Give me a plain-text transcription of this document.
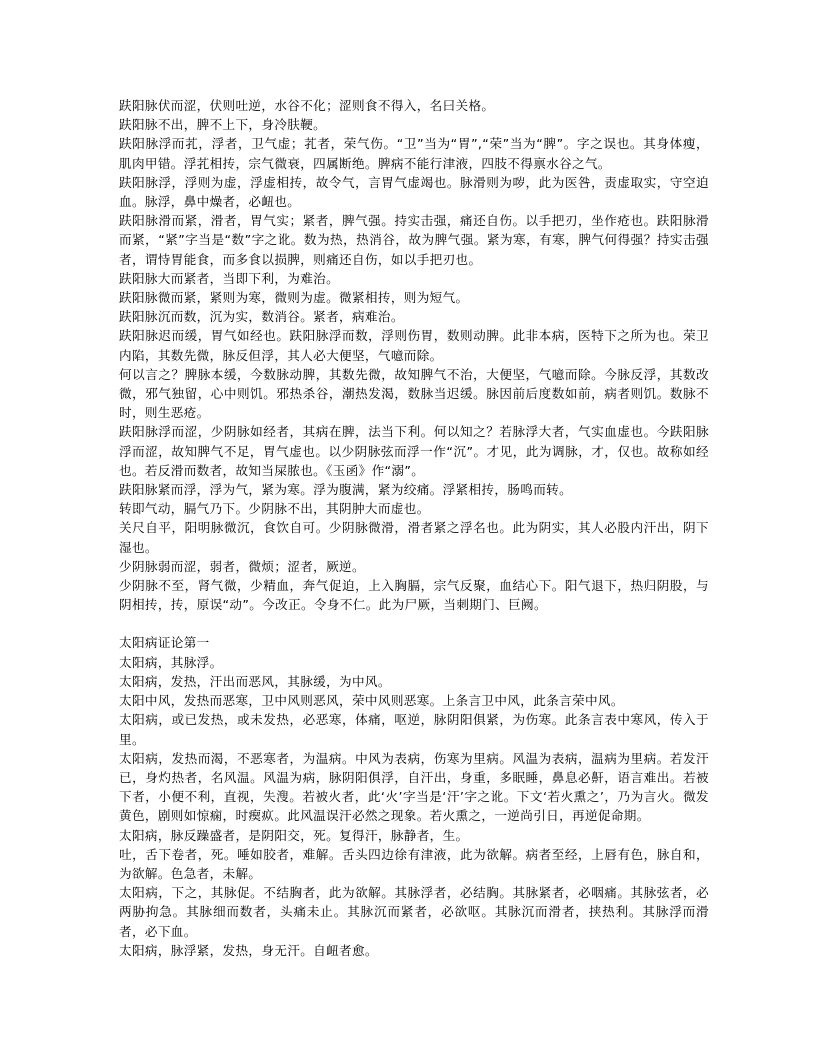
趺阳脉伏而涩，伏则吐逆，水谷不化；涩则食不得入，名曰关格。

趺阳脉不出，脾不上下，身冷肤鞕。

趺阳脉浮而芤，浮者，卫气虚；芤者，荣气伤。“卫”当为“胃”,“荣”当为“脾”。字之误也。其身体瘦，肌肉甲错。浮芤相抟，宗气微衰，四属断绝。脾病不能行津液，四肢不得禀水谷之气。

趺阳脉浮，浮则为虚，浮虚相抟，故令气，言胃气虚竭也。脉滑则为哕，此为医咎，责虚取实，守空迫血。脉浮，鼻中燥者，必衄也。

趺阳脉滑而紧，滑者，胃气实；紧者，脾气强。持实击强，痛还自伤。以手把刃，坐作疮也。趺阳脉滑而紧，“紧”字当是“数”字之讹。数为热，热消谷，故为脾气强。紧为寒，有寒，脾气何得强？持实击强者，谓恃胃能食，而多食以损脾，则痛还自伤，如以手把刃也。

趺阳脉大而紧者，当即下利，为难治。

趺阳脉微而紧，紧则为寒，微则为虚。微紧相抟，则为短气。

趺阳脉沉而数，沉为实，数消谷。紧者，病难治。

趺阳脉迟而缓，胃气如经也。趺阳脉浮而数，浮则伤胃，数则动脾。此非本病，医特下之所为也。荣卫内陷，其数先微，脉反但浮，其人必大便坚，气噫而除。

何以言之？脾脉本缓，今数脉动脾，其数先微，故知脾气不治，大便坚，气噫而除。今脉反浮，其数改微，邪气独留，心中则饥。邪热杀谷，潮热发渴，数脉当迟缓。脉因前后度数如前，病者则饥。数脉不时，则生恶疮。

趺阳脉浮而涩，少阴脉如经者，其病在脾，法当下利。何以知之？若脉浮大者，气实血虚也。今趺阳脉浮而涩，故知脾气不足，胃气虚也。以少阴脉弦而浮一作“沉”。才见，此为调脉，才，仅也。故称如经也。若反滑而数者，故知当屎脓也。《玉函》作“溺”。

趺阳脉紧而浮，浮为气，紧为寒。浮为腹满，紧为绞痛。浮紧相抟，肠鸣而转。

转即气动，膈气乃下。少阴脉不出，其阴肿大而虚也。

关尺自平，阳明脉微沉，食饮自可。少阴脉微滑，滑者紧之浮名也。此为阴实，其人必股内汗出，阴下湿也。

少阴脉弱而涩，弱者，微烦；涩者，厥逆。

少阴脉不至，肾气微，少精血，奔气促迫，上入胸膈，宗气反聚，血结心下。阳气退下，热归阴股，与阴相抟，抟，原误“动”。今改正。令身不仁。此为尸厥，当刺期门、巨阙。

太阳病证论第一

太阳病，其脉浮。

太阳病，发热，汗出而恶风，其脉缓，为中风。

太阳中风，发热而恶寒，卫中风则恶风，荣中风则恶寒。上条言卫中风，此条言荣中风。

太阳病，或已发热，或未发热，必恶寒，体痛，呕逆，脉阴阳俱紧，为伤寒。此条言表中寒风，传入于里。

太阳病，发热而渴，不恶寒者，为温病。中风为表病，伤寒为里病。风温为表病，温病为里病。若发汗已，身灼热者，名风温。风温为病，脉阴阳俱浮，自汗出，身重，多眠睡，鼻息必鼾，语言难出。若被下者，小便不利，直视，失溲。若被火者，此‘火’字当是‘汗’字之讹。下文‘若火熏之’，乃为言火。微发黄色，剧则如惊痫，时瘈疭。此风温误汗必然之现象。若火熏之，一逆尚引日，再逆促命期。

太阳病，脉反躁盛者，是阴阳交，死。复得汗，脉静者，生。

吐，舌下卷者，死。唾如胶者，难解。舌头四边徐有津液，此为欲解。病者至经，上唇有色，脉自和，为欲解。色急者，未解。

太阳病，下之，其脉促。不结胸者，此为欲解。其脉浮者，必结胸。其脉紧者，必咽痛。其脉弦者，必两胁拘急。其脉细而数者，头痛未止。其脉沉而紧者，必欲呕。其脉沉而滑者，挟热利。其脉浮而滑者，必下血。

太阳病，脉浮紧，发热，身无汗。自衄者愈。
